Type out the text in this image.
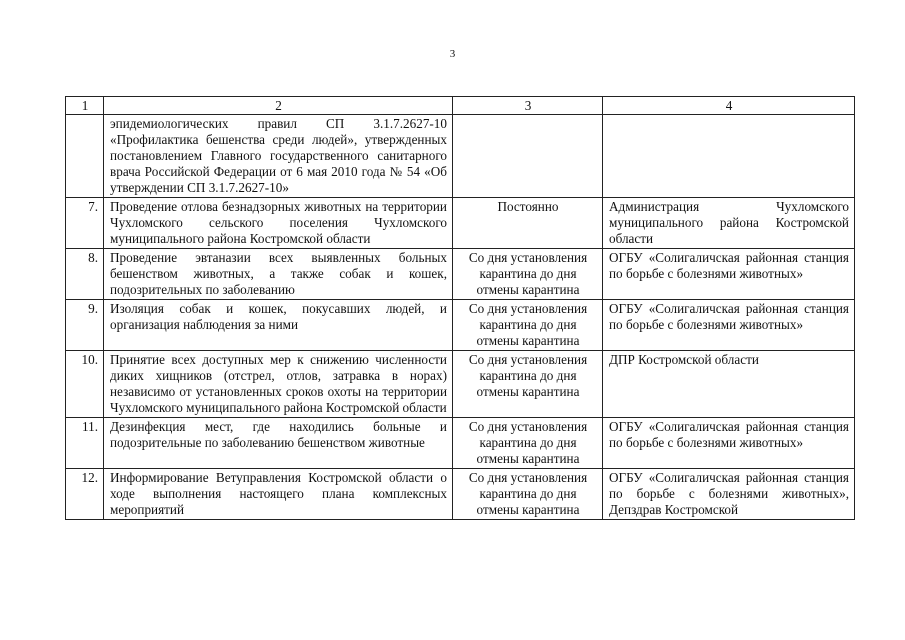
3
1	2	3	4
	эпидемиологических правил СП 3.1.7.2627-10 «Профилактика бешенства среди людей», утвержденных постановлением Главного государственного санитарного врача Российской Федерации от 6 мая 2010 года № 54 «Об утверждении СП 3.1.7.2627-10»		
7.	Проведение отлова безнадзорных животных на территории Чухломского сельского поселения Чухломского муниципального района Костромской области	Постоянно	Администрация Чухломского муниципального района Костромской области
8.	Проведение эвтаназии всех выявленных больных бешенством животных, а также собак и кошек, подозрительных по заболеванию	Со дня установления карантина до дня отмены карантина	ОГБУ «Солигаличская районная станция по борьбе с болезнями животных»
9.	Изоляция собак и кошек, покусавших людей, и организация наблюдения за ними	Со дня установления карантина до дня отмены карантина	ОГБУ «Солигаличская районная станция по борьбе с болезнями животных»
10.	Принятие всех доступных мер к снижению численности диких хищников (отстрел, отлов, затравка в норах) независимо от установленных сроков охоты на территории Чухломского муниципального района Костромской области	Со дня установления карантина до дня отмены карантина	ДПР Костромской области
11.	Дезинфекция мест, где находились больные и подозрительные по заболеванию бешенством животные	Со дня установления карантина до дня отмены карантина	ОГБУ «Солигаличская районная станция по борьбе с болезнями животных»
12.	Информирование Ветуправления Костромской области о ходе выполнения настоящего плана комплексных мероприятий	Со дня установления карантина до дня отмены карантина	ОГБУ «Солигаличская районная станция по борьбе с болезнями животных», Депздрав Костромской
